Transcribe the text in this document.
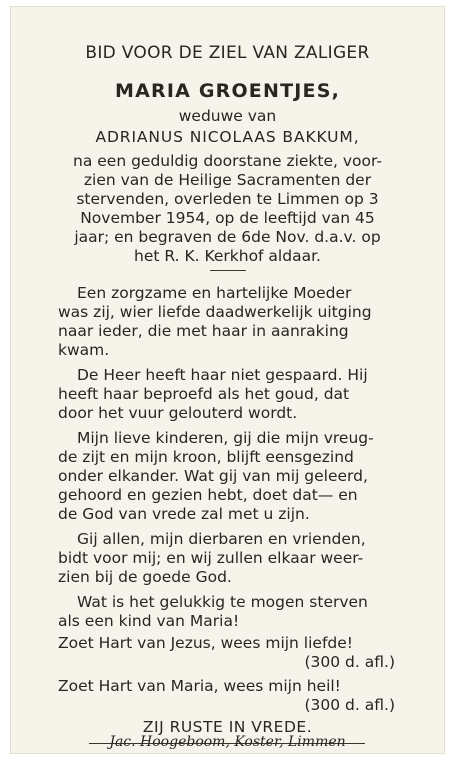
BID VOOR DE ZIEL VAN ZALIGER
MARIA GROENTJES,
weduwe van
ADRIANUS NICOLAAS BAKKUM,
na een geduldig doorstane ziekte, voor-
zien van de Heilige Sacramenten der
stervenden, overleden te Limmen op 3
November 1954, op de leeftijd van 45
jaar; en begraven de 6de Nov. d.a.v. op
het R. K. Kerkhof aldaar.
Een zorgzame en hartelijke Moeder
was zij, wier liefde daadwerkelijk uitging
naar ieder, die met haar in aanraking
kwam.
De Heer heeft haar niet gespaard. Hij
heeft haar beproefd als het goud, dat
door het vuur gelouterd wordt.
Mijn lieve kinderen, gij die mijn vreug-
de zijt en mijn kroon, blijft eensgezind
onder elkander. Wat gij van mij geleerd,
gehoord en gezien hebt, doet dat— en
de God van vrede zal met u zijn.
Gij allen, mijn dierbaren en vrienden,
bidt voor mij; en wij zullen elkaar weer-
zien bij de goede God.
Wat is het gelukkig te mogen sterven
als een kind van Maria!
Zoet Hart van Jezus, wees mijn liefde!
(300 d. afl.)
Zoet Hart van Maria, wees mijn heil!
(300 d. afl.)
ZIJ RUSTE IN VREDE.
Jac. Hoogeboom, Koster, Limmen
